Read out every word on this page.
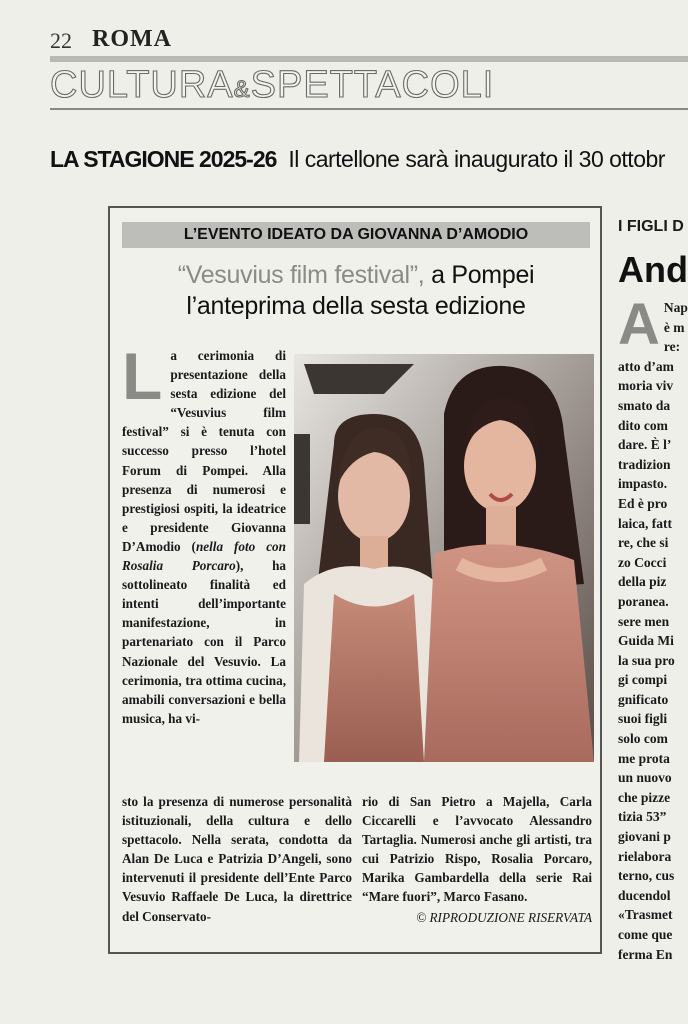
22 ROMA
CULTURA&SPETTACOLI
LA STAGIONE 2025-26 Il cartellone sarà inaugurato il 30 ottobr
L’EVENTO IDEATO DA GIOVANNA D’AMODIO
“Vesuvius film festival”, a Pompei
l’anteprima della sesta edizione
La cerimonia di presentazione della sesta edizione del “Vesuvius film festival” si è tenuta con successo presso l’hotel Forum di Pompei. Alla presenza di numerosi e prestigiosi ospiti, la ideatrice e presidente Giovanna D’Amodio (nella foto con Rosalia Porcaro), ha sottolineato finalità ed intenti dell’importante manifestazione, in partenariato con il Parco Nazionale del Vesuvio. La cerimonia, tra ottima cucina, amabili conversazioni e bella musica, ha vi-
sto la presenza di numerose personalità istituzionali, della cultura e dello spettacolo. Nella serata, condotta da Alan De Luca e Patrizia D’Angeli, sono intervenuti il presidente dell’Ente Parco Vesuvio Raffaele De Luca, la direttrice del Conservato-
rio di San Pietro a Majella, Carla Ciccarelli e l’avvocato Alessandro Tartaglia. Numerosi anche gli artisti, tra cui Patrizio Rispo, Rosalia Porcaro, Marika Gambardella della serie Rai “Mare fuori”, Marco Fasano.
© RIPRODUZIONE RISERVATA
I FIGLI D
And
A Nap
è m
re:
atto d’am
moria viv
smato da
dito com
dare. È l’
tradizion
impasto.
Ed è pro
laica, fatt
re, che si
zo Cocci
della piz
poranea.
sere men
Guida Mi
la sua pro
gi compi
gnificato
suoi figli
solo com
me prota
un nuovo
che pizze
tizia 53”
giovani p
rielabora
terno, cus
ducendol
«Trasmet
come que
ferma En
